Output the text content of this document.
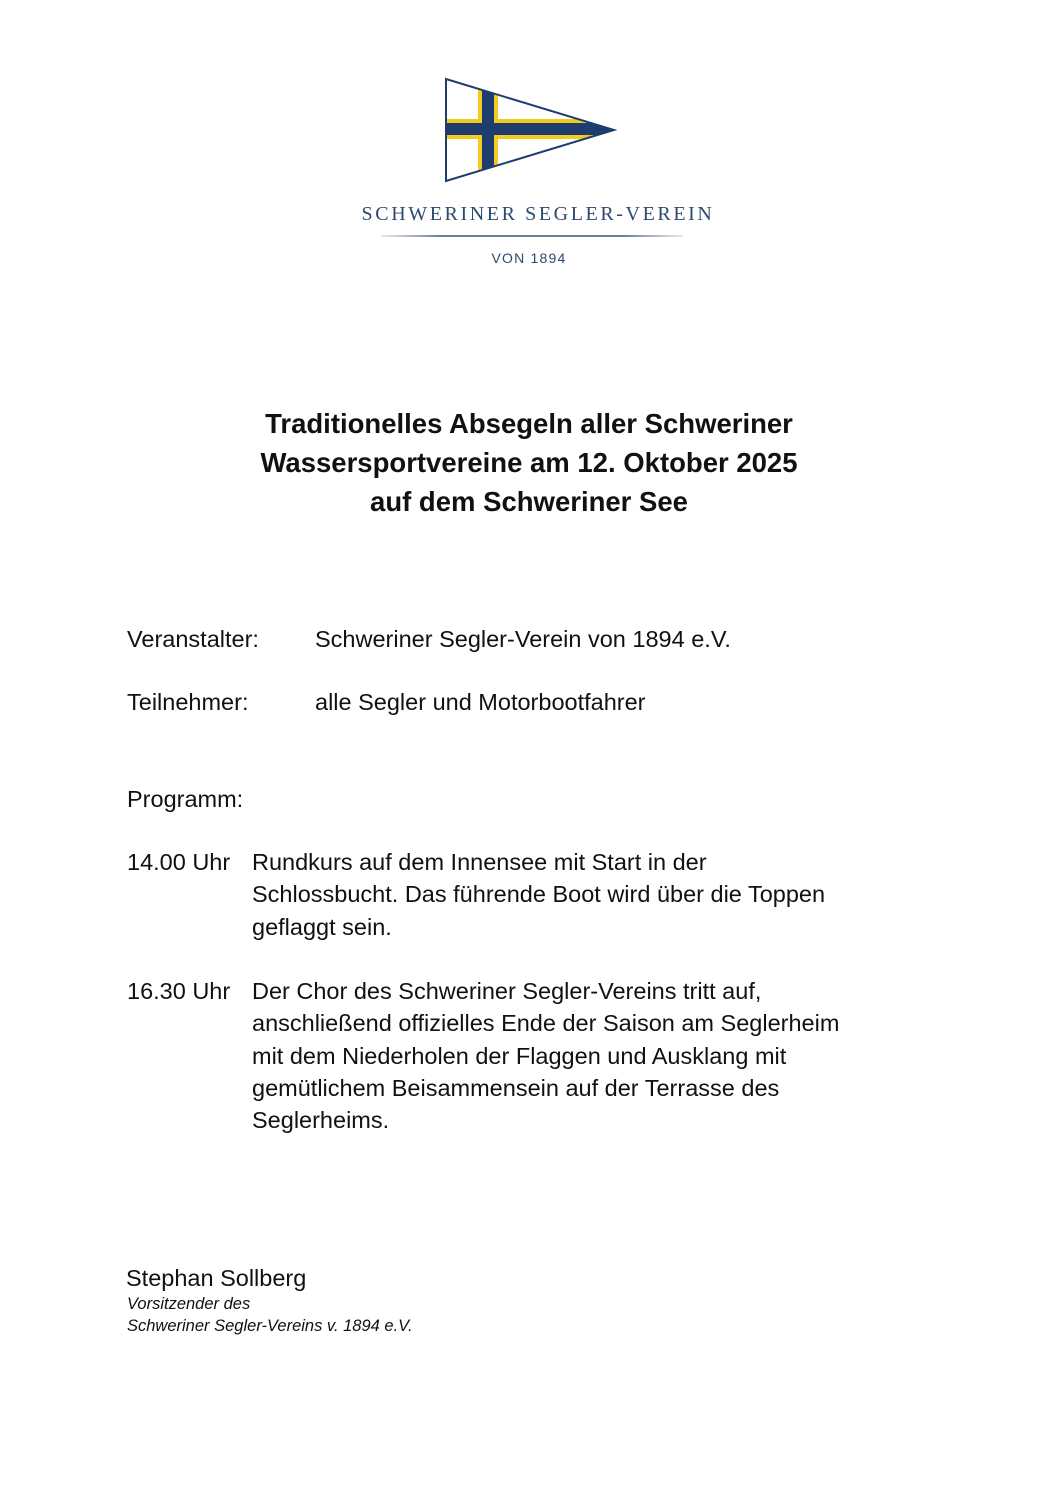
SCHWERINER SEGLER-VEREIN
VON 1894
Traditionelles Absegeln aller Schweriner
Wassersportvereine am 12. Oktober 2025
auf dem Schweriner See
Veranstalter: Schweriner Segler-Verein von 1894 e.V.
Teilnehmer:	alle Segler und Motorbootfahrer
Programm:
14.00 Uhr Rundkurs auf dem Innensee mit Start in der
Schlossbucht. Das führende Boot wird über die Toppen
geflaggt sein.
16.30 Uhr Der Chor des Schweriner Segler-Vereins tritt auf,
anschließend offizielles Ende der Saison am Seglerheim
mit dem Niederholen der Flaggen und Ausklang mit
gemütlichem Beisammensein auf der Terrasse des
Seglerheims.
Stephan Sollberg
Vorsitzender des
Schweriner Segler-Vereins v. 1894 e.V.
